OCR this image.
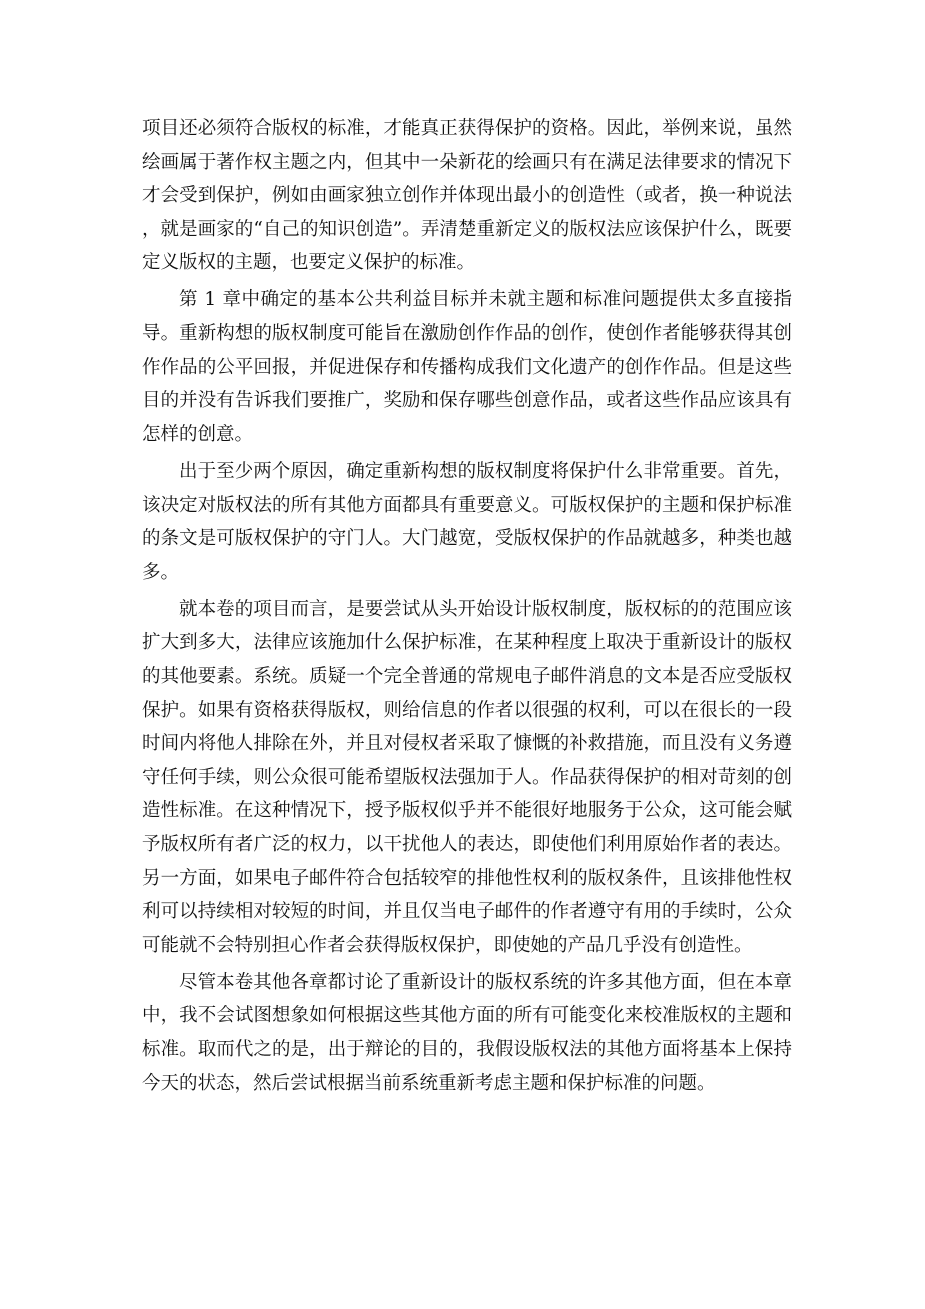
项目还必须符合版权的标准，才能真正获得保护的资格。因此，举例来说，虽然绘画属于著作权主题之内，但其中一朵新花的绘画只有在满足法律要求的情况下才会受到保护，例如由画家独立创作并体现出最小的创造性（或者，换一种说法，就是画家的“自己的知识创造”。弄清楚重新定义的版权法应该保护什么，既要定义版权的主题，也要定义保护的标准。

第 1 章中确定的基本公共利益目标并未就主题和标准问题提供太多直接指导。重新构想的版权制度可能旨在激励创作作品的创作，使创作者能够获得其创作作品的公平回报，并促进保存和传播构成我们文化遗产的创作作品。但是这些目的并没有告诉我们要推广，奖励和保存哪些创意作品，或者这些作品应该具有怎样的创意。

出于至少两个原因，确定重新构想的版权制度将保护什么非常重要。首先，该决定对版权法的所有其他方面都具有重要意义。可版权保护的主题和保护标准的条文是可版权保护的守门人。大门越宽，受版权保护的作品就越多，种类也越多。

就本卷的项目而言，是要尝试从头开始设计版权制度，版权标的的范围应该扩大到多大，法律应该施加什么保护标准，在某种程度上取决于重新设计的版权的其他要素。系统。质疑一个完全普通的常规电子邮件消息的文本是否应受版权保护。如果有资格获得版权，则给信息的作者以很强的权利，可以在很长的一段时间内将他人排除在外，并且对侵权者采取了慷慨的补救措施，而且没有义务遵守任何手续，则公众很可能希望版权法强加于人。作品获得保护的相对苛刻的创造性标准。在这种情况下，授予版权似乎并不能很好地服务于公众，这可能会赋予版权所有者广泛的权力，以干扰他人的表达，即使他们利用原始作者的表达。另一方面，如果电子邮件符合包括较窄的排他性权利的版权条件，且该排他性权利可以持续相对较短的时间，并且仅当电子邮件的作者遵守有用的手续时，公众可能就不会特别担心作者会获得版权保护，即使她的产品几乎没有创造性。

尽管本卷其他各章都讨论了重新设计的版权系统的许多其他方面，但在本章中，我不会试图想象如何根据这些其他方面的所有可能变化来校准版权的主题和标准。取而代之的是，出于辩论的目的，我假设版权法的其他方面将基本上保持今天的状态，然后尝试根据当前系统重新考虑主题和保护标准的问题。
